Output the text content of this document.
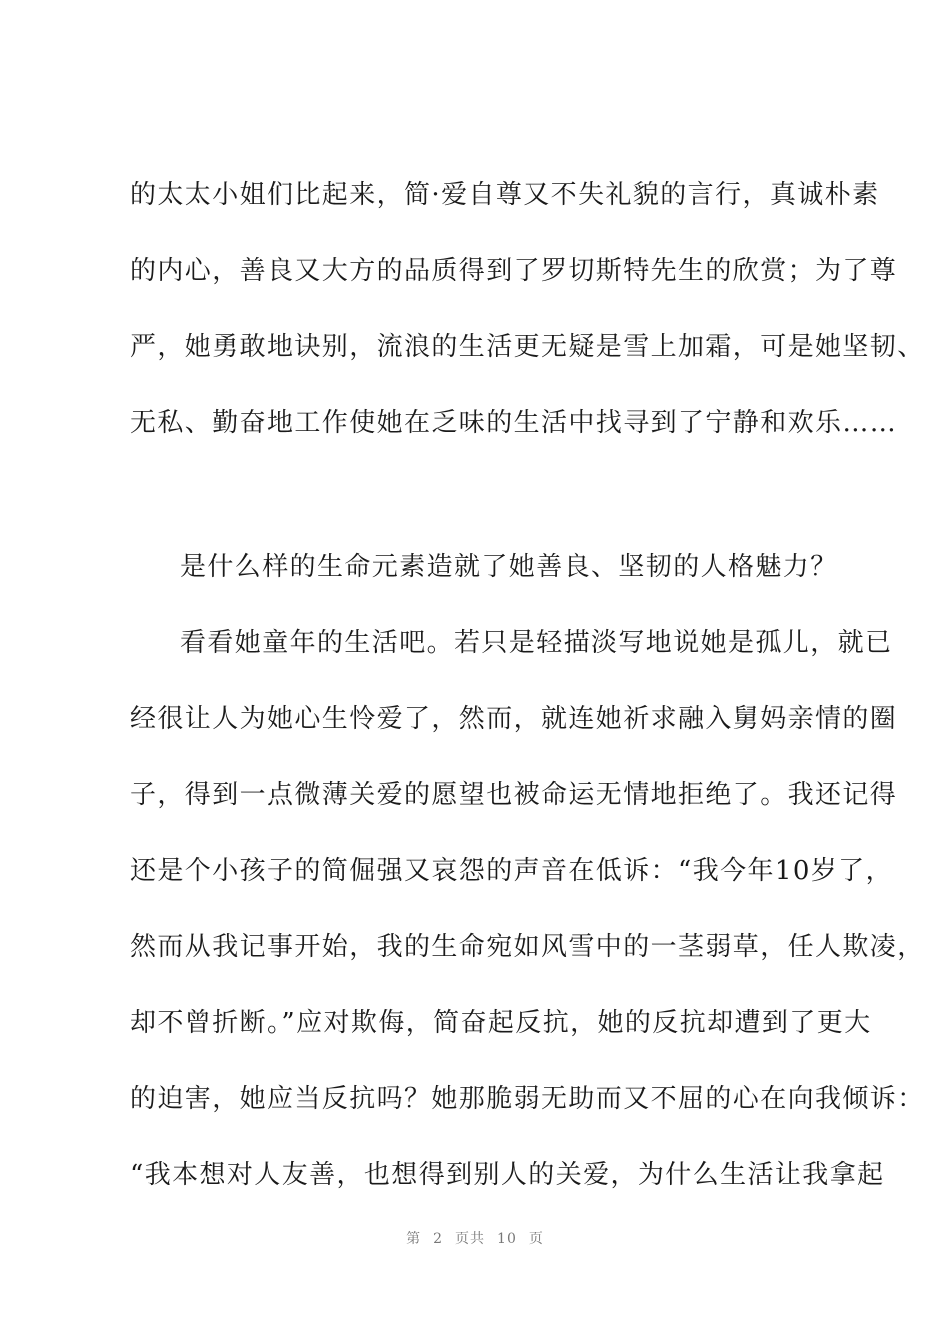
的太太小姐们比起来，简·爱自尊又不失礼貌的言行，真诚朴素
的内心，善良又大方的品质得到了罗切斯特先生的欣赏；为了尊
严，她勇敢地诀别，流浪的生活更无疑是雪上加霜，可是她坚韧、
无私、勤奋地工作使她在乏味的生活中找寻到了宁静和欢乐……
是什么样的生命元素造就了她善良、坚韧的人格魅力？
看看她童年的生活吧。若只是轻描淡写地说她是孤儿，就已
经很让人为她心生怜爱了，然而，就连她祈求融入舅妈亲情的圈
子，得到一点微薄关爱的愿望也被命运无情地拒绝了。我还记得
还是个小孩子的简倔强又哀怨的声音在低诉：“我今年10岁了，
然而从我记事开始，我的生命宛如风雪中的一茎弱草，任人欺凌，
却不曾折断。”应对欺侮，简奋起反抗，她的反抗却遭到了更大
的迫害，她应当反抗吗？她那脆弱无助而又不屈的心在向我倾诉：
“我本想对人友善，也想得到别人的关爱，为什么生活让我拿起
第 2 页共 10 页
